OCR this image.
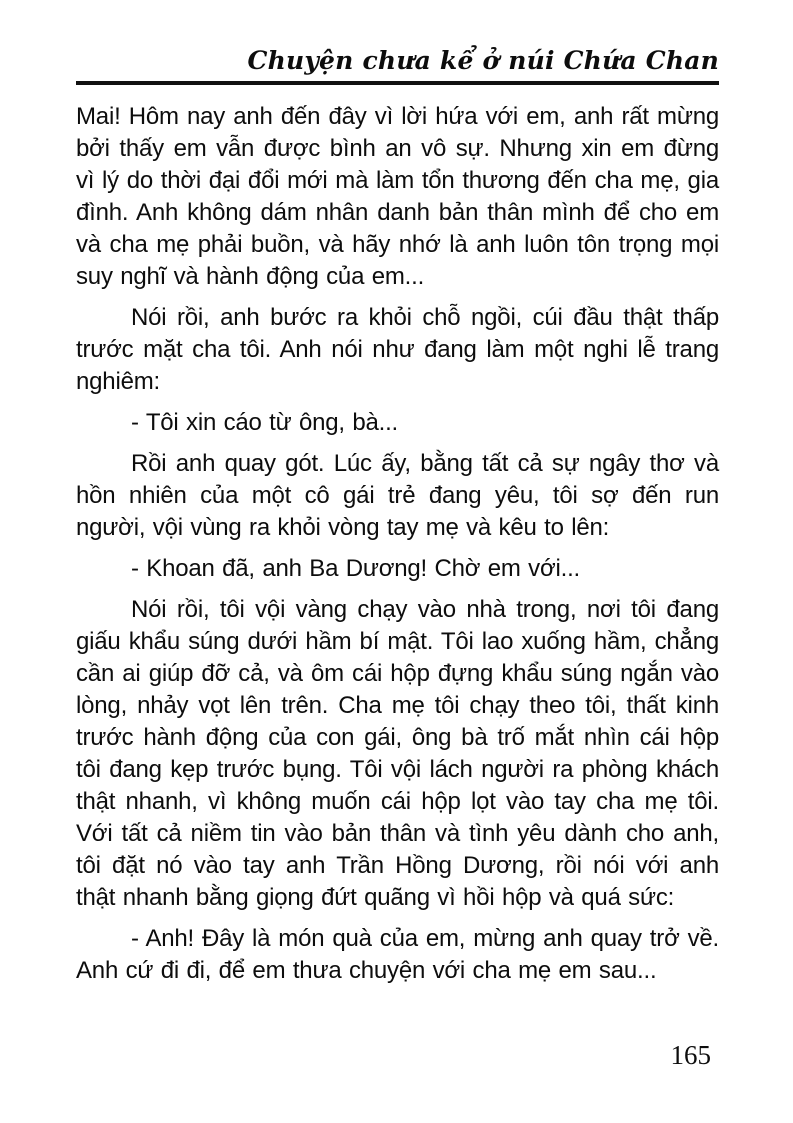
Chuyện chưa kể ở núi Chứa Chan

Mai! Hôm nay anh đến đây vì lời hứa với em, anh rất mừng bởi thấy em vẫn được bình an vô sự. Nhưng xin em đừng vì lý do thời đại đổi mới mà làm tổn thương đến cha mẹ, gia đình. Anh không dám nhân danh bản thân mình để cho em và cha mẹ phải buồn, và hãy nhớ là anh luôn tôn trọng mọi suy nghĩ và hành động của em...

Nói rồi, anh bước ra khỏi chỗ ngồi, cúi đầu thật thấp trước mặt cha tôi. Anh nói như đang làm một nghi lễ trang nghiêm:

- Tôi xin cáo từ ông, bà...

Rồi anh quay gót. Lúc ấy, bằng tất cả sự ngây thơ và hồn nhiên của một cô gái trẻ đang yêu, tôi sợ đến run người, vội vùng ra khỏi vòng tay mẹ và kêu to lên:

- Khoan đã, anh Ba Dương! Chờ em với...

Nói rồi, tôi vội vàng chạy vào nhà trong, nơi tôi đang giấu khẩu súng dưới hầm bí mật. Tôi lao xuống hầm, chẳng cần ai giúp đỡ cả, và ôm cái hộp đựng khẩu súng ngắn vào lòng, nhảy vọt lên trên. Cha mẹ tôi chạy theo tôi, thất kinh trước hành động của con gái, ông bà trố mắt nhìn cái hộp tôi đang kẹp trước bụng. Tôi vội lách người ra phòng khách thật nhanh, vì không muốn cái hộp lọt vào tay cha mẹ tôi. Với tất cả niềm tin vào bản thân và tình yêu dành cho anh, tôi đặt nó vào tay anh Trần Hồng Dương, rồi nói với anh thật nhanh bằng giọng đứt quãng vì hồi hộp và quá sức:

- Anh! Đây là món quà của em, mừng anh quay trở về. Anh cứ đi đi, để em thưa chuyện với cha mẹ em sau...

165
